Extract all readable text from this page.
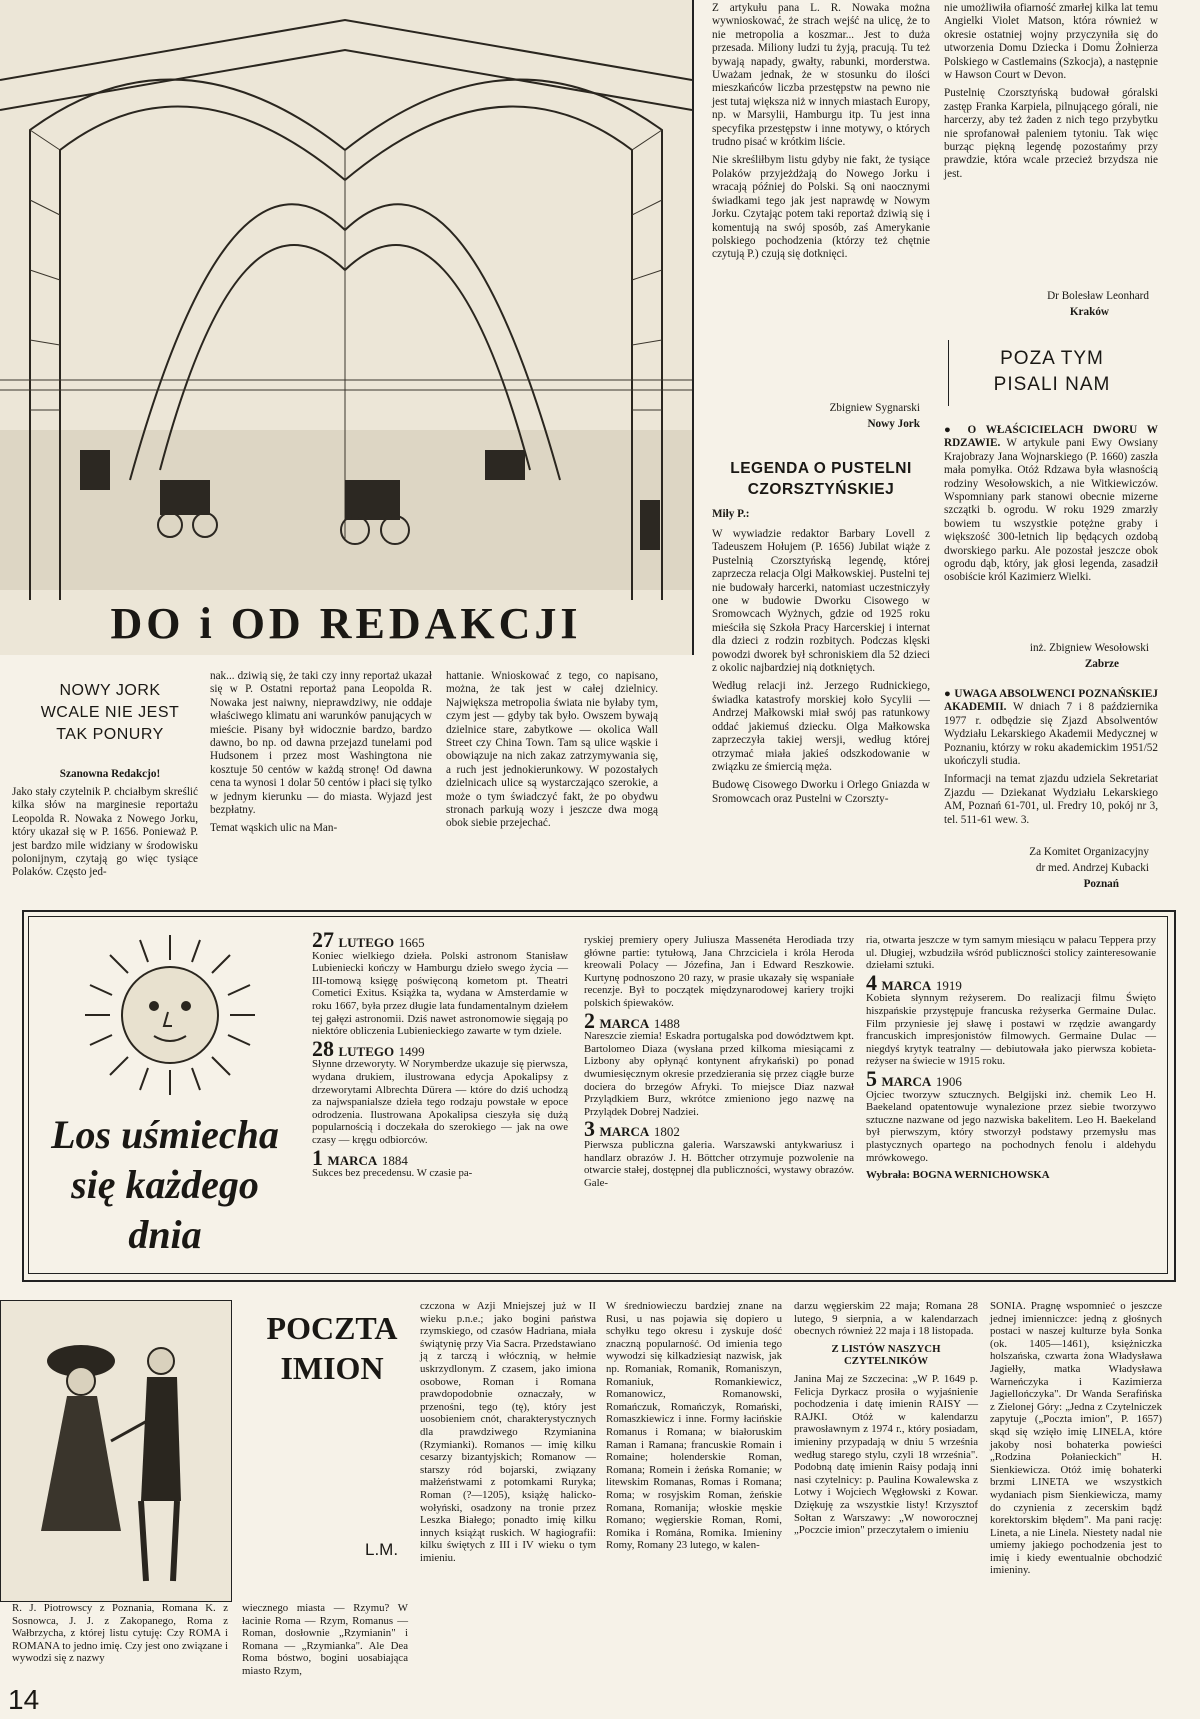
DO i OD REDAKCJI
NOWY JORK WCALE NIE JEST TAK PONURY
Szanowna Redakcjo!
Jako stały czytelnik P. chciałbym skreślić kilka słów na marginesie reportażu Leopolda R. Nowaka z Nowego Jorku, który ukazał się w P. 1656. Ponieważ P. jest bardzo mile widziany w środowisku polonijnym, czytają go więc tysiące Polaków. Często jed-

nak... dziwią się, że taki czy inny reportaż ukazał się w P. Ostatni reportaż pana Leopolda R. Nowaka jest naiwny, nieprawdziwy, nie oddaje właściwego klimatu ani warunków panujących w mieście. Pisany był widocznie bardzo, bardzo dawno, bo np. od dawna przejazd tunelami pod Hudsonem i przez most Washingtona nie kosztuje 50 centów w każdą stronę! Od dawna cena ta wynosi 1 dolar 50 centów i płaci się tylko w jednym kierunku — do miasta. Wyjazd jest bezpłatny.

Temat wąskich ulic na Man-

hattanie. Wnioskować z tego, co napisano, można, że tak jest w całej dzielnicy. Największa metropolia świata nie byłaby tym, czym jest — gdyby tak było. Owszem bywają dzielnice stare, zabytkowe — okolica Wall Street czy China Town. Tam są ulice wąskie i obowiązuje na nich zakaz zatrzymywania się, a ruch jest jednokierunkowy. W pozostałych dzielnicach ulice są wystarczająco szerokie, a może o tym świadczyć fakt, że po obydwu stronach parkują wozy i jeszcze dwa mogą obok siebie przejechać.

Z artykułu pana L. R. Nowaka można wywnioskować, że strach wejść na ulicę, że to nie metropolia a koszmar... Jest to duża przesada. Miliony ludzi tu żyją, pracują. Tu też bywają napady, gwałty, rabunki, morderstwa. Uważam jednak, że w stosunku do ilości mieszkańców liczba przestępstw na pewno nie jest tutaj większa niż w innych miastach Europy, np. w Marsylii, Hamburgu itp. Tu jest inna specyfika przestępstw i inne motywy, o których trudno pisać w krótkim liście.

Nie skreśliłbym listu gdyby nie fakt, że tysiące Polaków przyjeżdżają do Nowego Jorku i wracają później do Polski. Są oni naocznymi świadkami tego jak jest naprawdę w Nowym Jorku. Czytając potem taki reportaż dziwią się i komentują na swój sposób, zaś Amerykanie polskiego pochodzenia (którzy też chętnie czytują P.) czują się dotknięci.

Zbigniew Sygnarski
Nowy Jork
LEGENDA O PUSTELNI CZORSZTYŃSKIEJ
Miły P.:

W wywiadzie redaktor Barbary Lovell z Tadeuszem Hołujem (P. 1656) Jubilat wiąże z Pustelnią Czorsztyńską legendę, której zaprzecza relacja Olgi Małkowskiej. Pustelni tej nie budowały harcerki, natomiast uczestniczyły one w budowie Dworku Cisowego w Sromowcach Wyżnych, gdzie od 1925 roku mieściła się Szkoła Pracy Harcerskiej i internat dla dzieci z rodzin rozbitych. Podczas klęski powodzi dworek był schroniskiem dla 52 dzieci z okolic najbardziej nią dotkniętych.

Według relacji inż. Jerzego Rudnickiego, świadka katastrofy morskiej koło Sycylii — Andrzej Małkowski miał swój pas ratunkowy oddać jakiemuś dziecku. Olga Małkowska zaprzeczyła takiej wersji, według której otrzymać miała jakieś odszkodowanie w związku ze śmiercią męża.

Budowę Cisowego Dworku i Orlego Gniazda w Sromowcach oraz Pustelni w Czorszty-

nie umożliwiła ofiarność zmarłej kilka lat temu Angielki Violet Matson, która również w okresie ostatniej wojny przyczyniła się do utworzenia Domu Dziecka i Domu Żołnierza Polskiego w Castlemains (Szkocja), a następnie w Hawson Court w Devon.

Pustelnię Czorsztyńską budował góralski zastęp Franka Karpiela, pilnującego górali, nie harcerzy, aby też żaden z nich tego przybytku nie sprofanował paleniem tytoniu. Tak więc burząc piękną legendę pozostańmy przy prawdzie, która wcale przecież brzydsza nie jest.

Dr Bolesław Leonhard
Kraków
POZA TYM
PISALI NAM
● O WŁAŚCICIELACH DWORU W RDZAWIE. W artykule pani Ewy Owsiany Krajobrazy Jana Wojnarskiego (P. 1660) zaszła mała pomyłka. Otóż Rdzawa była własnością rodziny Wesołowskich, a nie Witkiewiczów. Wspomniany park stanowi obecnie mizerne szczątki b. ogrodu. W roku 1929 zmarzły bowiem tu wszystkie potężne graby i większość 300-letnich lip będących ozdobą dworskiego parku. Ale pozostał jeszcze obok ogrodu dąb, który, jak głosi legenda, zasadził osobiście król Kazimierz Wielki.
inż. Zbigniew Wesołowski
Zabrze

● UWAGA ABSOLWENCI POZNAŃSKIEJ AKADEMII. W dniach 7 i 8 października 1977 r. odbędzie się Zjazd Absolwentów Wydziału Lekarskiego Akademii Medycznej w Poznaniu, którzy w roku akademickim 1951/52 ukończyli studia.

Informacji na temat zjazdu udziela Sekretariat Zjazdu — Dziekanat Wydziału Lekarskiego AM, Poznań 61-701, ul. Fredry 10, pokój nr 3, tel. 511-61 wew. 3.

Za Komitet Organizacyjny
dr med. Andrzej Kubacki
Poznań
Los uśmiecha się każdego dnia
27 LUTEGO 1665

Koniec wielkiego dzieła. Polski astronom Stanisław Lubieniecki kończy w Hamburgu dzieło swego życia — III-tomową księgę poświęconą kometom pt. Theatri Cometici Exitus. Książka ta, wydana w Amsterdamie w roku 1667, była przez długie lata fundamentalnym dziełem tej gałęzi astronomii. Dziś nawet astronomowie sięgają po niektóre obliczenia Lubienieckiego zawarte w tym dziele.

28 LUTEGO 1499

Słynne drzeworyty. W Norymberdze ukazuje się pierwsza, wydana drukiem, ilustrowana edycja Apokalipsy z drzeworytami Albrechta Dürera — które do dziś uchodzą za najwspanialsze dzieła tego rodzaju powstałe w epoce odrodzenia. Ilustrowana Apokalipsa cieszyła się dużą popularnością i doczekała do szerokiego — jak na owe czasy — kręgu odbiorców.

1 MARCA 1884

Sukces bez precedensu. W czasie pa-

ryskiej premiery opery Juliusza Massenéta Herodiada trzy główne partie: tytułową, Jana Chrzciciela i króla Heroda kreowali Polacy — Józefina, Jan i Edward Reszkowie. Kurtynę podnoszono 20 razy, w prasie ukazały się wspaniałe recenzje. Był to początek międzynarodowej kariery trojki polskich śpiewaków.

2 MARCA 1488

Nareszcie ziemia! Eskadra portugalska pod dowództwem kpt. Bartolomeo Diaza (wysłana przed kilkoma miesiącami z Lizbony aby opłynąć kontynent afrykański) po ponad dwumiesięcznym okresie przedzierania się przez ciągłe burze dociera do brzegów Afryki. To miejsce Diaz nazwał Przylądkiem Burz, wkrótce zmieniono jego nazwę na Przylądek Dobrej Nadziei.

3 MARCA 1802

Pierwsza publiczna galeria. Warszawski antykwariusz i handlarz obrazów J. H. Böttcher otrzymuje pozwolenie na otwarcie stałej, dostępnej dla publiczności, wystawy obrazów. Gale-

ria, otwarta jeszcze w tym samym miesiącu w pałacu Teppera przy ul. Długiej, wzbudziła wśród publiczności stolicy zainteresowanie dziełami sztuki.

4 MARCA 1919

Kobieta słynnym reżyserem. Do realizacji filmu Święto hiszpańskie przystępuje francuska reżyserka Germaine Dulac. Film przyniesie jej sławę i postawi w rzędzie awangardy francuskich impresjonistów filmowych. Germaine Dulac — niegdyś krytyk teatralny — debiutowała jako pierwsza kobieta-reżyser na świecie w 1915 roku.

5 MARCA 1906

Ojciec tworzyw sztucznych. Belgijski inż. chemik Leo H. Baekeland opatentowuje wynalezione przez siebie tworzywo sztuczne nazwane od jego nazwiska bakelitem. Leo H. Baekeland był pierwszym, który stworzył podstawy przemysłu mas plastycznych opartego na pochodnych fenolu i aldehydu mrówkowego.

Wybrała: BOGNA WERNICHOWSKA

POCZTA
IMION
L.M.
R. J. Piotrowscy z Poznania, Romana K. z Sosnowca, J. J. z Zakopanego, Roma z Wałbrzycha, z której listu cytuję: Czy ROMA i ROMANA to jedno imię. Czy jest ono związane i wywodzi się z nazwy
wiecznego miasta — Rzymu? W łacinie Roma — Rzym, Romanus — Roman, dosłownie „Rzymianin" i Romana — „Rzymianka". Ale Dea Roma bóstwo, bogini uosabiająca miasto Rzym,
czczona w Azji Mniejszej już w II wieku p.n.e.; jako bogini państwa rzymskiego, od czasów Hadriana, miała świątynię przy Via Sacra. Przedstawiano ją z tarczą i włócznią, w hełmie uskrzydlonym. Z czasem, jako imiona osobowe, Roman i Romana prawdopodobnie oznaczały, w przenośni, tego (tę), który jest uosobieniem cnót, charakterystycznych dla prawdziwego Rzymianina (Rzymianki). Romanos — imię kilku cesarzy bizantyjskich; Romanow — starszy ród bojarski, związany małżeństwami z potomkami Ruryka; Roman (?—1205), książę halicko-wołyński, osadzony na tronie przez Leszka Białego; ponadto imię kilku innych książąt ruskich. W hagiografii: kilku świętych z III i IV wieku o tym imieniu.
W średniowieczu bardziej znane na Rusi, u nas pojawia się dopiero u schyłku tego okresu i zyskuje dość znaczną popularność. Od imienia tego wywodzi się kilkadziesiąt nazwisk, jak np. Romaniak, Romanik, Romaniszyn, Romaniuk, Romankiewicz, Romanowicz, Romanowski, Romańczuk, Romańczyk, Romański, Romaszkiewicz i inne. Formy łacińskie Romanus i Romana; w białoruskim Raman i Ramana; francuskie Romain i Romaine; holenderskie Roman, Romana; Romein i żeńska Romanie; w litewskim Romanas, Romas i Romana; Roma; w rosyjskim Roman, żeńskie Romana, Romanija; włoskie męskie Romano; węgierskie Roman, Romi, Romika i Romána, Romika. Imieniny Romy, Romany 23 lutego, w kalen-

darzu węgierskim 22 maja; Romana 28 lutego, 9 sierpnia, a w kalendarzach obecnych również 22 maja i 18 listopada.

Z LISTÓW NASZYCH CZYTELNIKÓW

Janina Maj ze Szczecina: „W P. 1649 p. Felicja Dyrkacz prosiła o wyjaśnienie pochodzenia i datę imienin RAISY — RAJKI. Otóż w kalendarzu prawosławnym z 1974 r., który posiadam, imieniny przypadają w dniu 5 września według starego stylu, czyli 18 września". Podobną datę imienin Raisy podają inni nasi czytelnicy: p. Paulina Kowalewska z Lotwy i Wojciech Węgłowski z Kowar. Dziękuję za wszystkie listy! Krzysztof Sołtan z Warszawy: „W noworocznej „Poczcie imion" przeczytałem o imieniu

SONIA. Pragnę wspomnieć o jeszcze jednej imienniczce: jedną z głośnych postaci w naszej kulturze była Sonka (ok. 1405—1461), księżniczka holszańska, czwarta żona Władysława Jagiełły, matka Władysława Warneńczyka i Kazimierza Jagiellończyka". Dr Wanda Serafińska z Zielonej Góry: „Jedna z Czytelniczek zapytuje („Poczta imion", P. 1657) skąd się wzięło imię LINELA, które jakoby nosi bohaterka powieści „Rodzina Połanieckich" H. Sienkiewicza. Otóż imię bohaterki brzmi LINETA we wszystkich wydaniach pism Sienkiewicza, mamy do czynienia z zecerskim bądź korektorskim błędem". Ma pani rację: Lineta, a nie Linela. Niestety nadal nie umiemy jakiego pochodzenia jest to imię i kiedy ewentualnie obchodzić imieniny.
14
